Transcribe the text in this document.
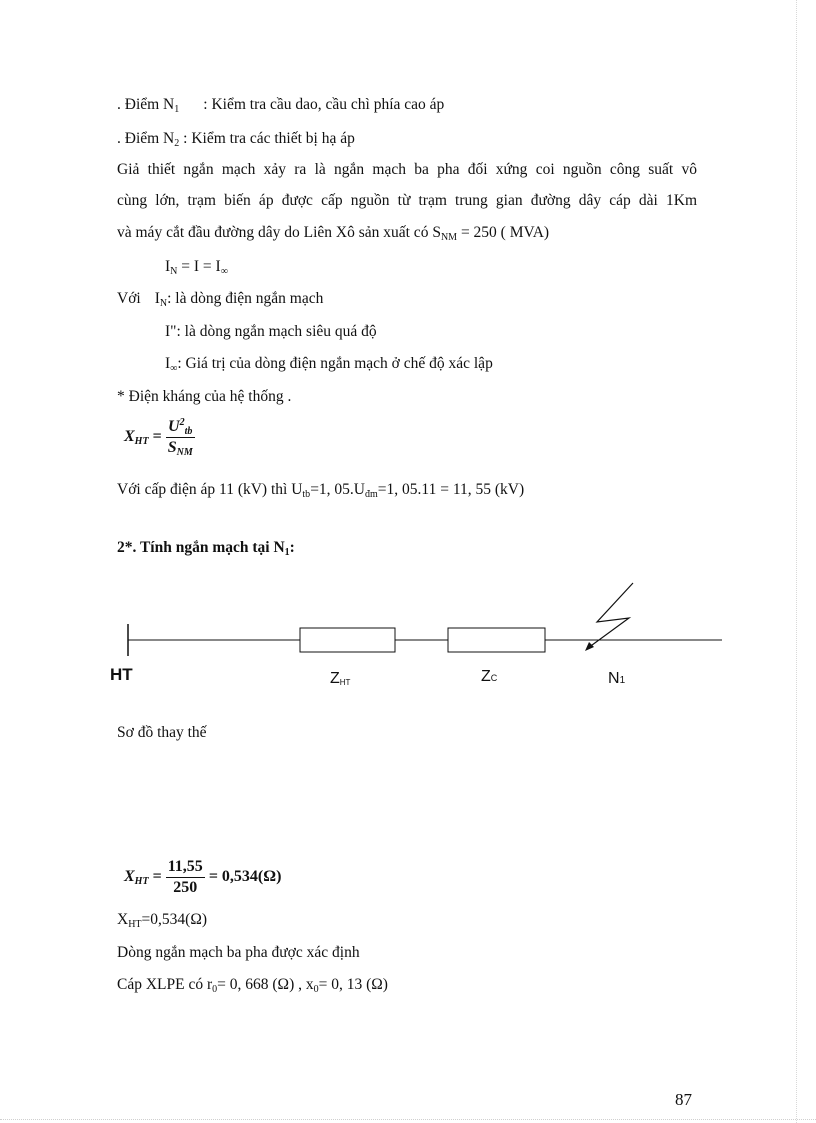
. Điểm $N_1$ : Kiểm tra cầu dao, cầu chì phía cao áp
. Điểm $N_2$ : Kiểm tra các thiết bị hạ áp
Giả thiết ngắn mạch xảy ra là ngắn mạch ba pha đối xứng coi nguồn công suất vô
cùng lớn, trạm biến áp được cấp nguồn từ trạm trung gian đường dây cáp dài 1Km
và máy cắt đầu đường dây do Liên Xô sản xuất có $S_{NM} = 250$ ( MVA)
$I_N = I = I_\infty$
Với $I_N$: là dòng điện ngắn mạch
I": là dòng ngắn mạch siêu quá độ
$I_\infty$: Giá trị của dòng điện ngắn mạch ở chế độ xác lập
* Điện kháng của hệ thống .
$X_{HT} = \frac{U^2_{tb}}{S_{NM}}$
Với cấp điện áp 11 (kV) thì $U_{tb}=1$, $05.U_{đm}=1$, 05.11 = 11, 55 (kV)
2*. Tính ngắn mạch tại $N_1$:
HT	ZHT	ZC	N1
Sơ đồ thay thế
$X_{HT} = \frac{11,55}{250} = 0,534(\Omega)$
$X_{HT}=0,534(\Omega)$
Dòng ngắn mạch ba pha được xác định
Cáp XLPE có $r_0= 0$, 668 (Ω) , $x_0= 0$, 13 (Ω)
87
